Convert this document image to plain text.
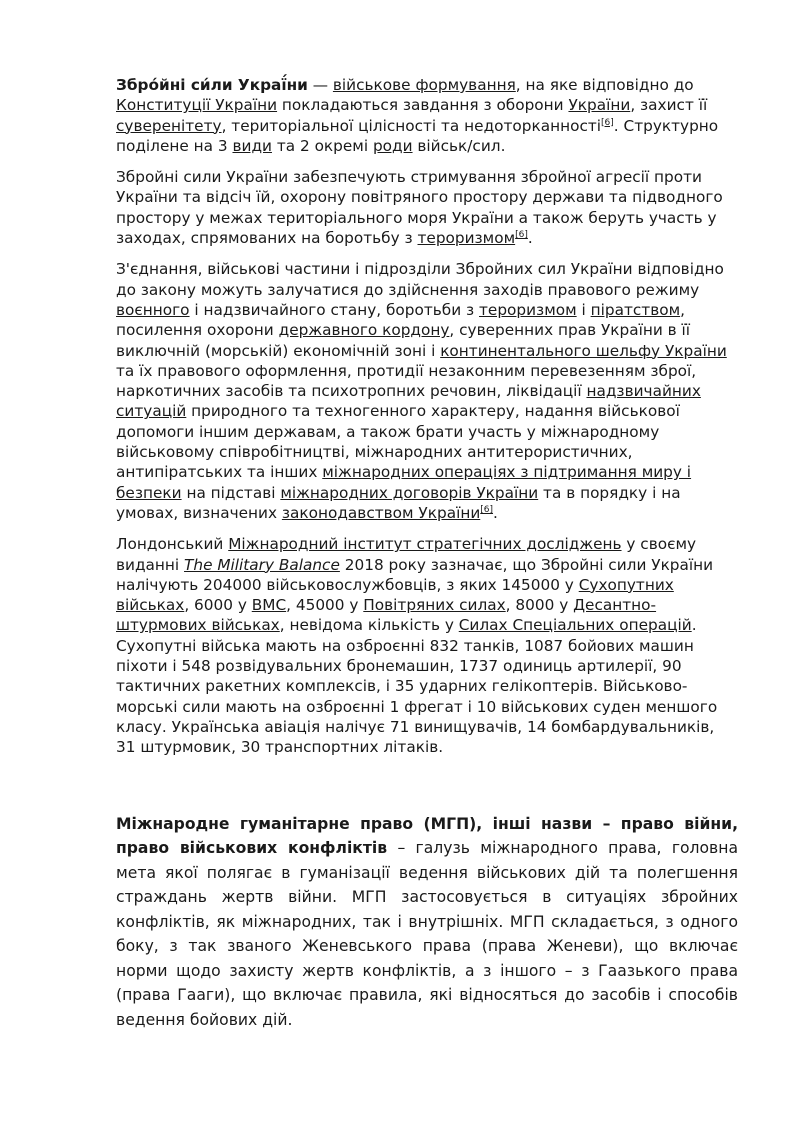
Збро́йні си́ли Украї́ни — військове формування, на яке відповідно до Конституції України покладаються завдання з оборони України, захист її суверенітету, територіальної цілісності та недоторканності[6]. Структурно поділене на 3 види та 2 окремі роди військ/сил.

Збройні сили України забезпечують стримування збройної агресії проти України та відсіч їй, охорону повітряного простору держави та підводного простору у межах територіального моря України а також беруть участь у заходах, спрямованих на боротьбу з тероризмом[6].

З'єднання, військові частини і підрозділи Збройних сил України відповідно до закону можуть залучатися до здійснення заходів правового режиму воєнного і надзвичайного стану, боротьби з тероризмом і піратством, посилення охорони державного кордону, суверенних прав України в її виключній (морській) економічній зоні і континентального шельфу України та їх правового оформлення, протидії незаконним перевезенням зброї, наркотичних засобів та психотропних речовин, ліквідації надзвичайних ситуацій природного та техногенного характеру, надання військової допомоги іншим державам, а також брати участь у міжнародному військовому співробітництві, міжнародних антитерористичних, антипіратських та інших міжнародних операціях з підтримання миру і безпеки на підставі міжнародних договорів України та в порядку і на умовах, визначених законодавством України[6].

Лондонський Міжнародний інститут стратегічних досліджень у своєму виданні The Military Balance 2018 року зазначає, що Збройні сили України налічують 204000 військовослужбовців, з яких 145000 у Сухопутних військах, 6000 у ВМС, 45000 у Повітряних силах, 8000 у Десантно-штурмових військах, невідома кількість у Силах Спеціальних операцій. Сухопутні війська мають на озброєнні 832 танків, 1087 бойових машин піхоти і 548 розвідувальних бронемашин, 1737 одиниць артилерії, 90 тактичних ракетних комплексів, і 35 ударних гелікоптерів. Військово-морські сили мають на озброєнні 1 фрегат і 10 військових суден меншого класу. Українська авіація налічує 71 винищувачів, 14 бомбардувальників, 31 штурмовик, 30 транспортних літаків.

Міжнародне гуманітарне право (МГП), інші назви – право війни, право військових конфліктів – галузь міжнародного права, головна мета якої полягає в гуманізації ведення військових дій та полегшення страждань жертв війни. МГП застосовується в ситуаціях збройних конфліктів, як міжнародних, так і внутрішніх. МГП складається, з одного боку, з так званого Женевського права (права Женеви), що включає норми щодо захисту жертв конфліктів, а з іншого – з Гаазького права (права Гааги), що включає правила, які відносяться до засобів і способів ведення бойових дій.
